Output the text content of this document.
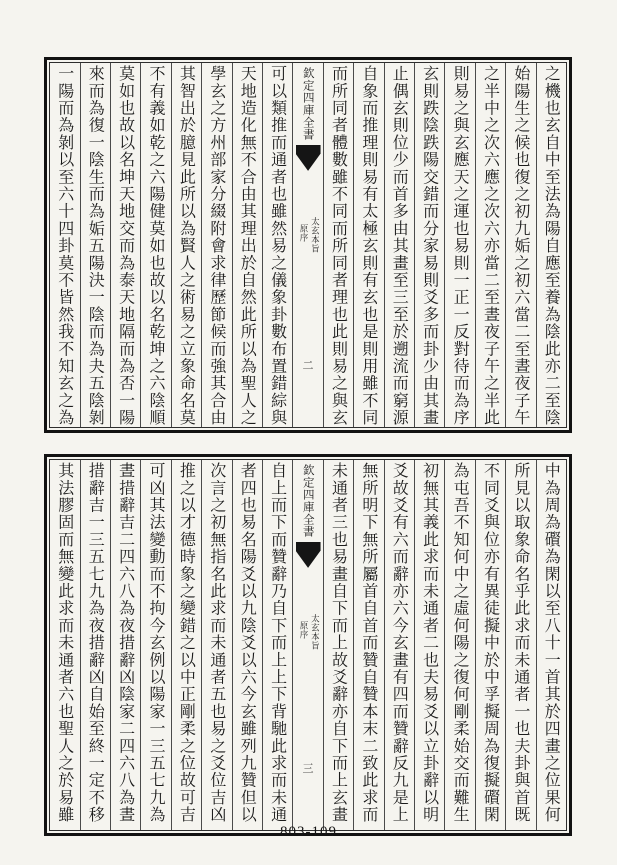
之機也玄自中至法為陽自應至養為陰此亦二至陰
始陽生之候也復之初九姤之初六當二至晝夜子午
之半中之次六應之次六亦當二至晝夜子午之半此
則易之與玄應天之運也易則一正一反對待而為序
玄則跌陰跌陽交錯而分家易則爻多而卦少由其畫
止偶玄則位少而首多由其畫至三至於遡流而窮源
自象而推理則易有太極玄則有玄也是則用雖不同
而所同者體數雖不同而所同者理也此則易之與玄
欽定四庫全書
太玄本旨
原序
二
可以類推而通者也雖然易之儀象卦數布置錯綜與
天地造化無不合由其理出於自然此所以為聖人之
學玄之方州部家分綴附會求律歷節候而強其合由
其智出於臆見此所以為賢人之術易之立象命名莫
不有義如乾之六陽健莫如也故以名乾坤之六陰順
莫如也故以名坤天地交而為泰天地隔而為否一陽
來而為復一陰生而為姤五陽決一陰而為夬五陰剝
一陽而為剝以至六十四卦莫不皆然我不知玄之為
中為周為礥為閑以至八十一首其於四畫之位果何
所見以取象命名乎此求而未通者一也夫卦與首既
不同爻與位亦有異徒擬中於中孚擬周為復擬礥閑
為屯吾不知何中之虛何陽之復何剛柔始交而難生
初無其義此求而未通者二也夫易爻以立卦辭以明
爻故爻有六而辭亦六今玄畫有四而贊辭反九是上
無所明下無所屬首自首而贊自贊本末二致此求而
未通者三也易畫自下而上故爻辭亦自下而上玄畫
欽定四庫全書
太玄本旨
原序
三
自上而下而贊辭乃自下而上上下背馳此求而未通
者四也易名陽爻以九陰爻以六今玄雖列九贊但以
次言之初無指名此求而未通者五也易之爻位吉凶
推之以才德時象之變錯之以中正剛柔之位故可吉
可凶其法變動而不拘今玄例以陽家一三五七九為
晝措辭吉二四六八為夜措辭凶陰家二四六八為晝
措辭吉一三五七九為夜措辭凶自始至終一定不移
其法膠固而無變此求而未通者六也聖人之於易雖
803-109
